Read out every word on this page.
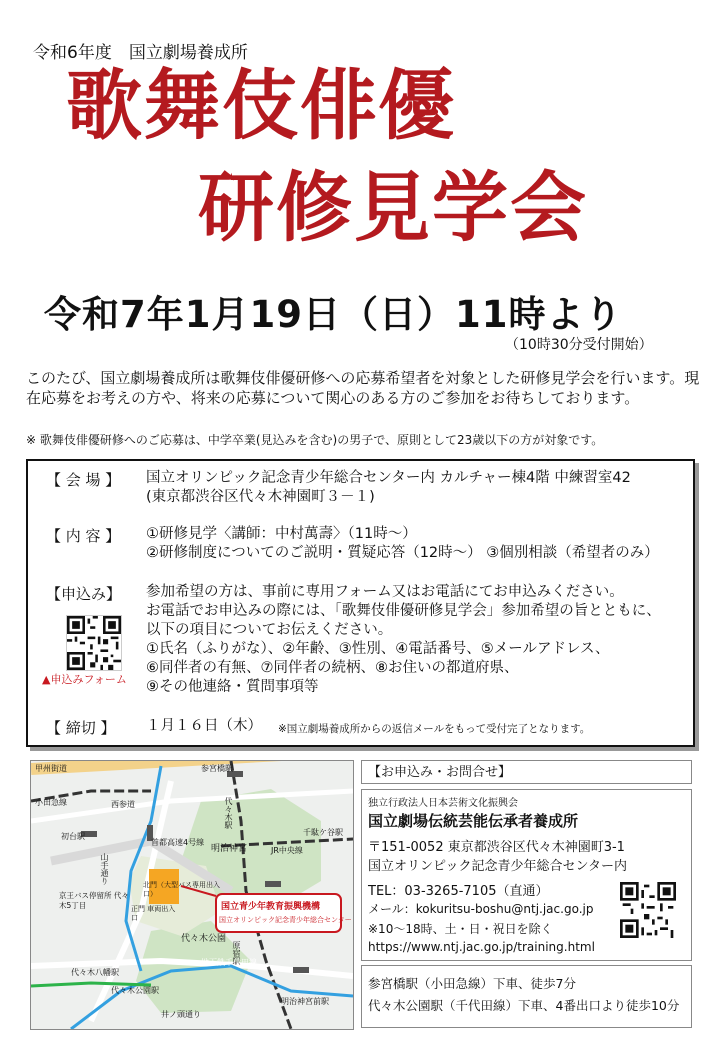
令和6年度　国立劇場養成所
歌舞伎俳優
研修見学会
令和7年1月19日（日）11時より
（10時30分受付開始）
このたび、国立劇場養成所は歌舞伎俳優研修への応募希望者を対象とした研修見学会を行います。現在応募をお考えの方や、将来の応募について関心のある方のご参加をお待ちしております。
※ 歌舞伎俳優研修へのご応募は、中学卒業(見込みを含む)の男子で、原則として23歳以下の方が対象です。
【 会 場 】 国立オリンピック記念青少年総合センター内 カルチャー棟4階 中練習室42
(東京都渋谷区代々木神園町３－１)
【 内 容 】 ①研修見学〈講師：中村萬壽〉（11時～）
②研修制度についてのご説明・質疑応答（12時～） ③個別相談（希望者のみ）
【申込み】 参加希望の方は、事前に専用フォーム又はお電話にてお申込みください。
お電話でお申込みの際には、「歌舞伎俳優研修見学会」参加希望の旨とともに、
以下の項目についてお伝えください。
①氏名（ふりがな）、②年齢、③性別、④電話番号、⑤メールアドレス、
⑥同伴者の有無、⑦同伴者の続柄、⑧お住いの都道府県、
⑨その他連絡・質問事項等
▲申込みフォーム
【 締切 】 １月１６日（木） ※国立劇場養成所からの返信メールをもって受付完了となります。
参宮橋駅
代々木駅
千駄ケ谷駅
初台駅
代々木公園駅
代々木八幡駅
原宿駅
明治神宮前駅
首都高速4号線
山手通り
JR中央線
明治神宮
代々木公園
地下鉄千代田線
京王バス停留所 代々木5丁目
北門（大型バス専用出入口）
正門 車両出入口
井ノ頭通り
甲州街道
西参道
小田急線
国立青少年教育振興機構
国立オリンピック記念青少年総合センター
【お申込み・お問合せ】
独立行政法人日本芸術文化振興会
国立劇場伝統芸能伝承者養成所
〒151-0052 東京都渋谷区代々木神園町3-1
国立オリンピック記念青少年総合センター内
TEL：03-3265-7105（直通）
メール：kokuritsu-boshu@ntj.jac.go.jp
※10～18時、土・日・祝日を除く
https://www.ntj.jac.go.jp/training.html
参宮橋駅（小田急線）下車、徒歩7分
代々木公園駅（千代田線）下車、4番出口より徒歩10分
